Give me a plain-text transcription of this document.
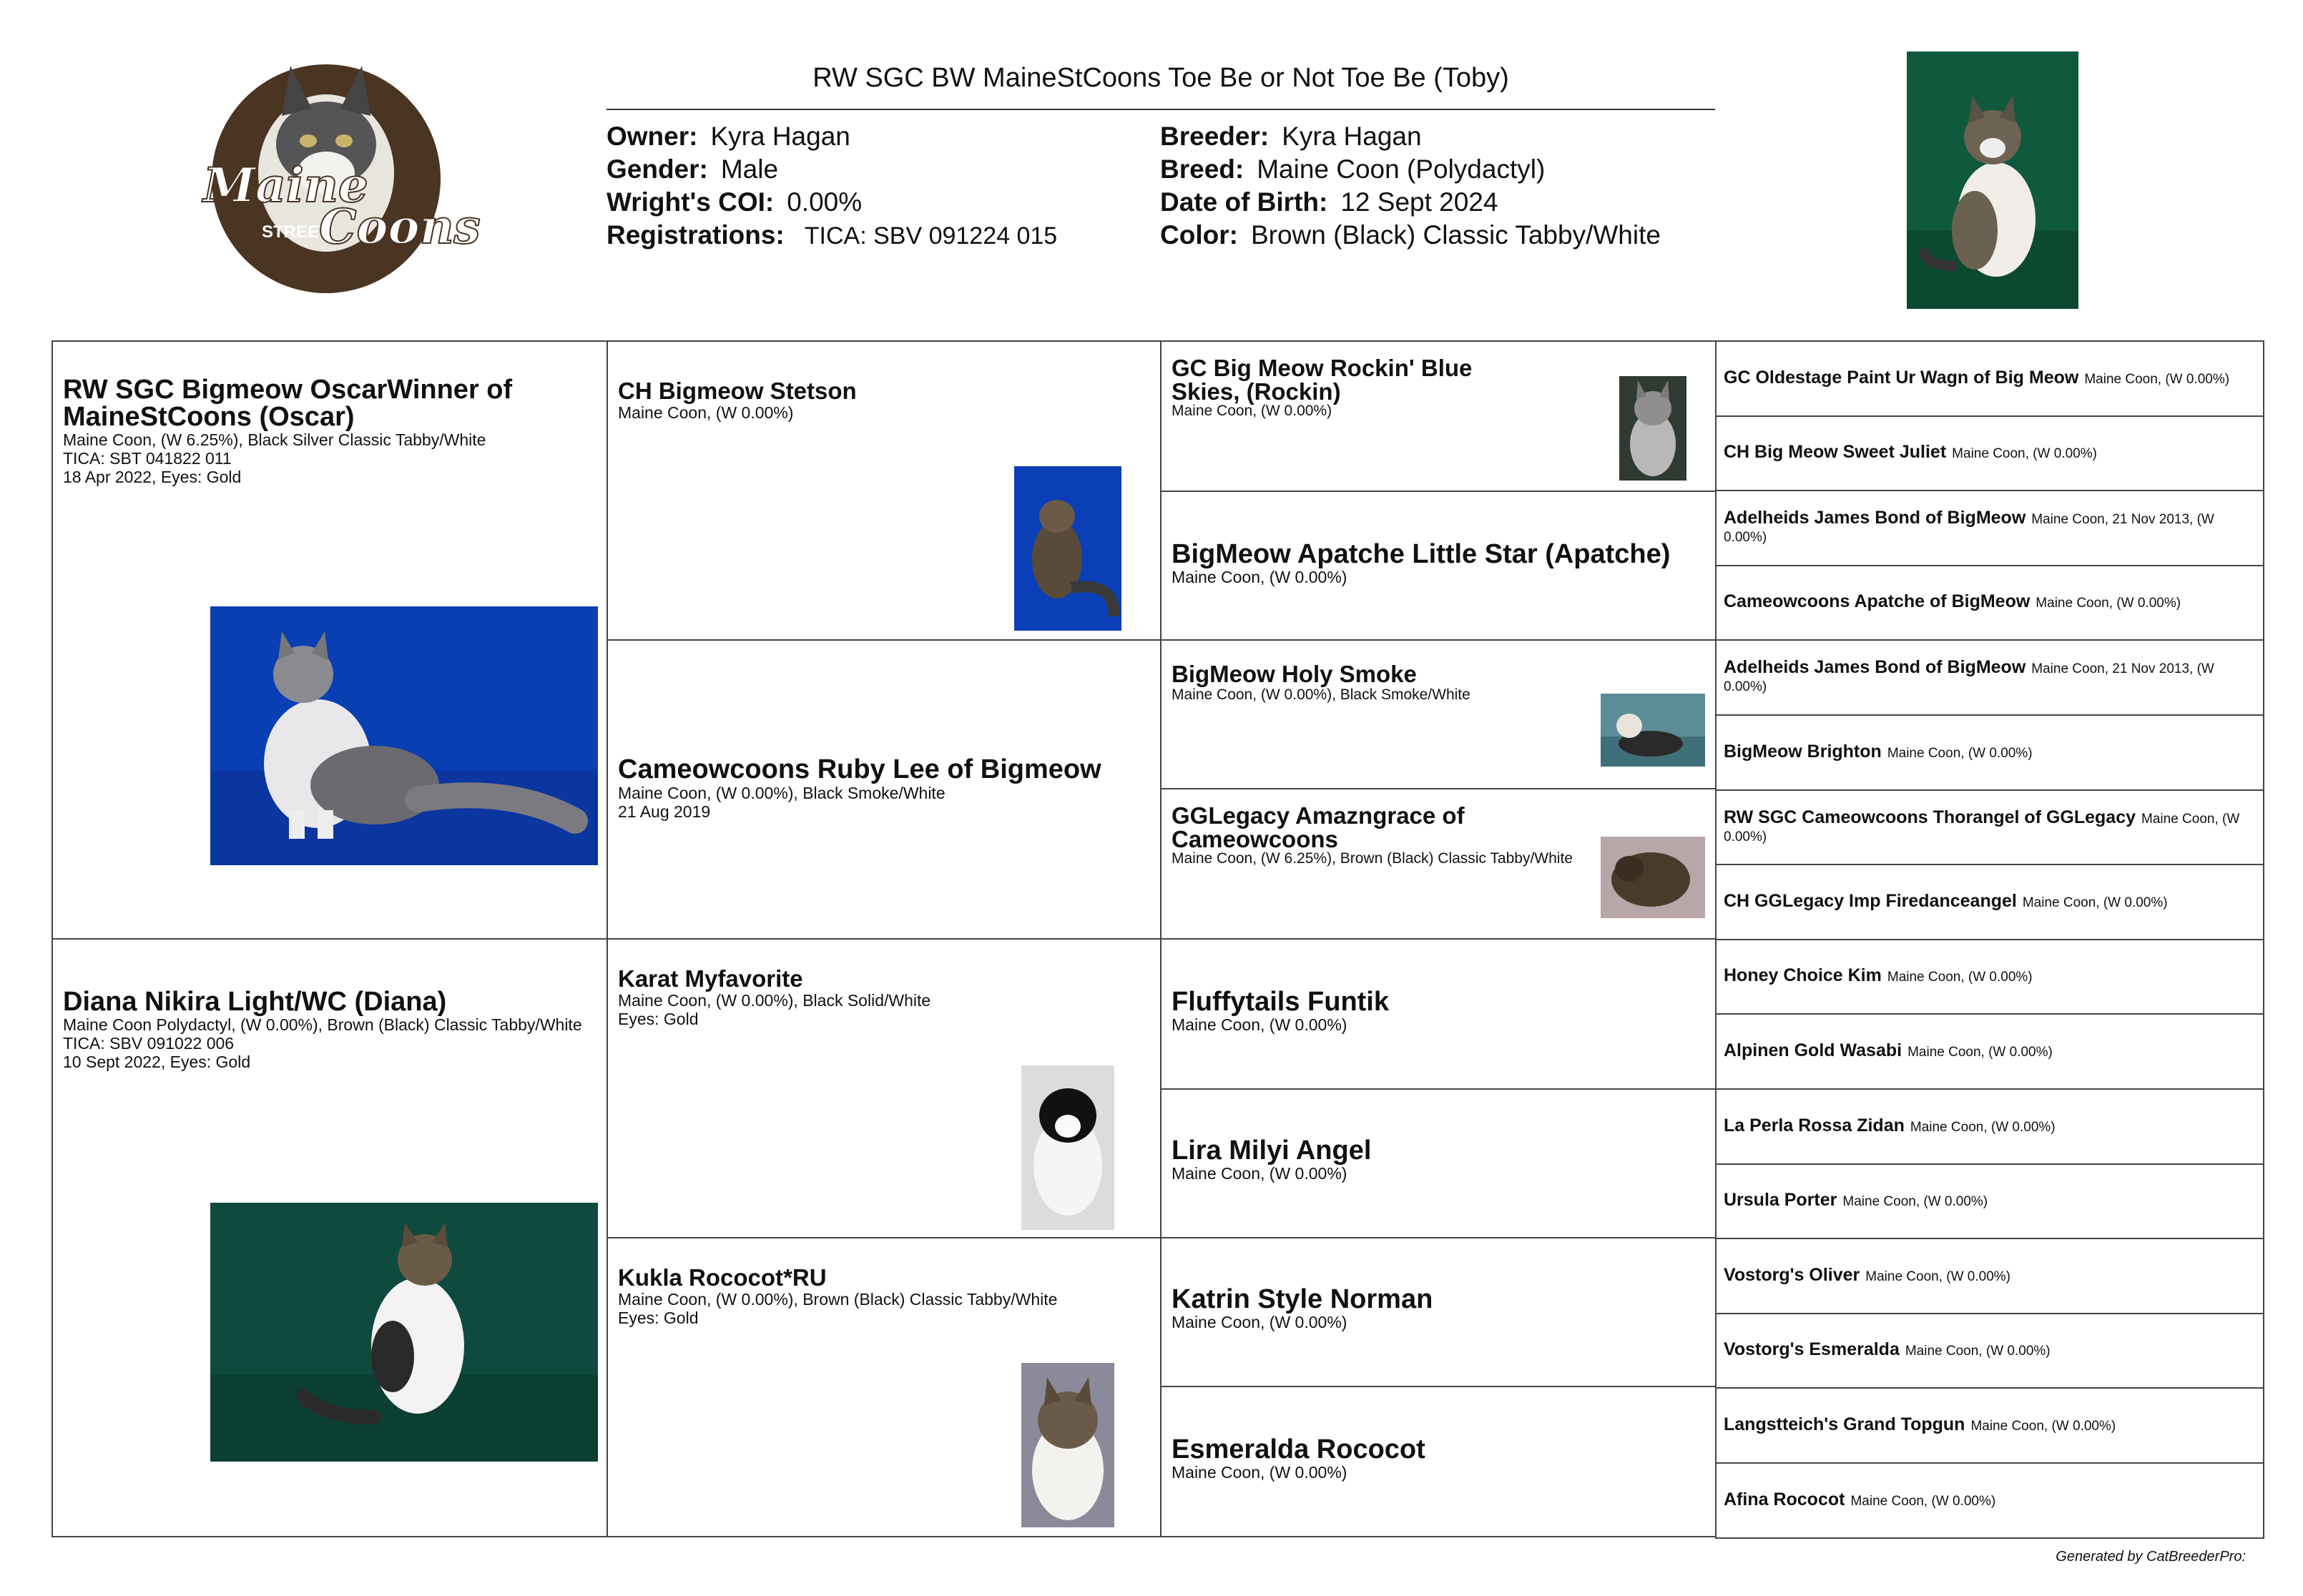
Maine
STREET
Coons
RW SGC BW MaineStCoons Toe Be or Not Toe Be (Toby)
Owner: Kyra Hagan
Gender: Male
Wright's COI: 0.00%
Registrations: TICA: SBV 091224 015
Breeder: Kyra Hagan
Breed: Maine Coon (Polydactyl)
Date of Birth: 12 Sept 2024
Color: Brown (Black) Classic Tabby/White
RW SGC Bigmeow OscarWinner of MaineStCoons (Oscar)
Maine Coon, (W 6.25%), Black Silver Classic Tabby/White
TICA: SBT 041822 011
18 Apr 2022, Eyes: Gold
Diana Nikira Light/WC (Diana)
Maine Coon Polydactyl, (W 0.00%), Brown (Black) Classic Tabby/White
TICA: SBV 091022 006
10 Sept 2022, Eyes: Gold
CH Bigmeow Stetson
Maine Coon, (W 0.00%)
Cameowcoons Ruby Lee of Bigmeow
Maine Coon, (W 0.00%), Black Smoke/White
21 Aug 2019
Karat Myfavorite
Maine Coon, (W 0.00%), Black Solid/White
Eyes: Gold
Kukla Rococot*RU
Maine Coon, (W 0.00%), Brown (Black) Classic Tabby/White
Eyes: Gold
GC Big Meow Rockin' Blue Skies, (Rockin)
Maine Coon, (W 0.00%)
BigMeow Apatche Little Star (Apatche)
Maine Coon, (W 0.00%)
BigMeow Holy Smoke
Maine Coon, (W 0.00%), Black Smoke/White
GGLegacy Amazngrace of Cameowcoons
Maine Coon, (W 6.25%), Brown (Black) Classic Tabby/White
Fluffytails Funtik
Maine Coon, (W 0.00%)
Lira Milyi Angel
Maine Coon, (W 0.00%)
Katrin Style Norman
Maine Coon, (W 0.00%)
Esmeralda Rococot
Maine Coon, (W 0.00%)
GC Oldestage Paint Ur Wagn of Big Meow Maine Coon, (W 0.00%)
CH Big Meow Sweet Juliet Maine Coon, (W 0.00%)
Adelheids James Bond of BigMeow Maine Coon, 21 Nov 2013, (W 0.00%)
Cameowcoons Apatche of BigMeow Maine Coon, (W 0.00%)
Adelheids James Bond of BigMeow Maine Coon, 21 Nov 2013, (W 0.00%)
BigMeow Brighton Maine Coon, (W 0.00%)
RW SGC Cameowcoons Thorangel of GGLegacy Maine Coon, (W 0.00%)
CH GGLegacy Imp Firedanceangel Maine Coon, (W 0.00%)
Honey Choice Kim Maine Coon, (W 0.00%)
Alpinen Gold Wasabi Maine Coon, (W 0.00%)
La Perla Rossa Zidan Maine Coon, (W 0.00%)
Ursula Porter Maine Coon, (W 0.00%)
Vostorg's Oliver Maine Coon, (W 0.00%)
Vostorg's Esmeralda Maine Coon, (W 0.00%)
Langstteich's Grand Topgun Maine Coon, (W 0.00%)
Afina Rococot Maine Coon, (W 0.00%)
Generated by CatBreederPro:
